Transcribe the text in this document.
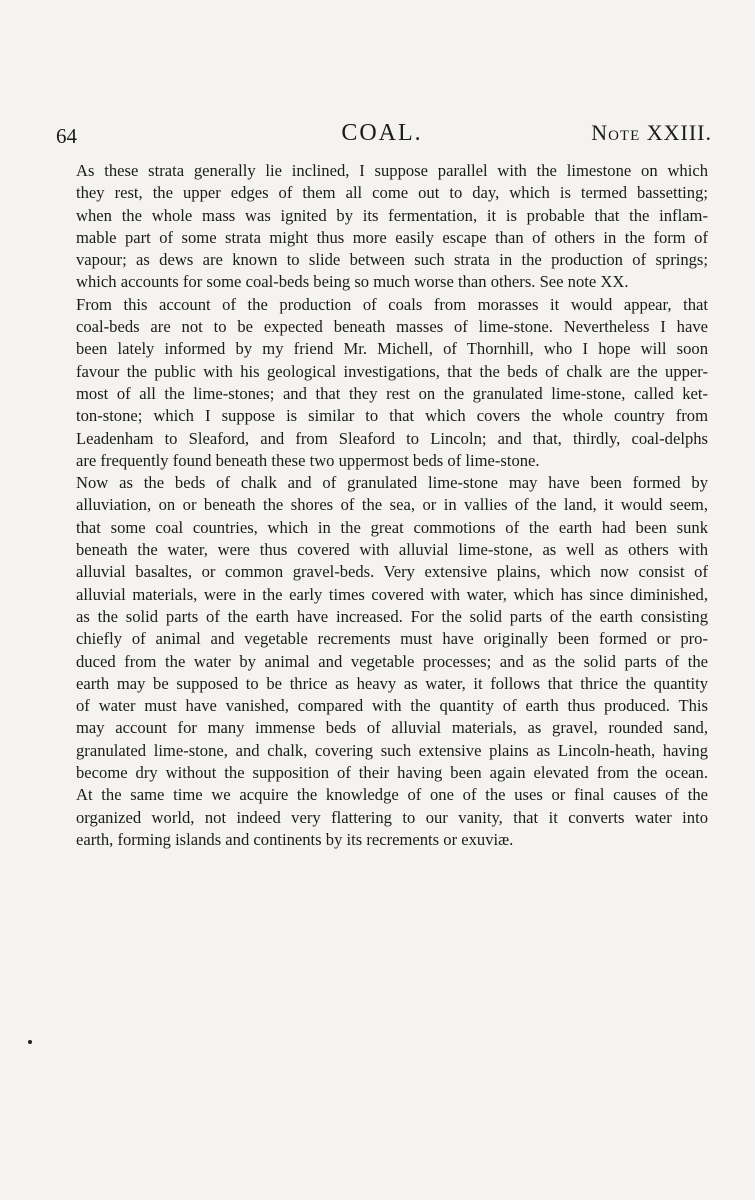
64	COAL.	Note XXIII.

As these strata generally lie inclined, I suppose parallel with the limestone on which
they rest, the upper edges of them all come out to day, which is termed bassetting;
when the whole mass was ignited by its fermentation, it is probable that the inflam-
mable part of some strata might thus more easily escape than of others in the form of
vapour; as dews are known to slide between such strata in the production of springs;
which accounts for some coal-beds being so much worse than others. See note XX.

From this account of the production of coals from morasses it would appear, that
coal-beds are not to be expected beneath masses of lime-stone. Nevertheless I have
been lately informed by my friend Mr. Michell, of Thornhill, who I hope will soon
favour the public with his geological investigations, that the beds of chalk are the upper-
most of all the lime-stones; and that they rest on the granulated lime-stone, called ket-
ton-stone; which I suppose is similar to that which covers the whole country from
Leadenham to Sleaford, and from Sleaford to Lincoln; and that, thirdly, coal-delphs
are frequently found beneath these two uppermost beds of lime-stone.

Now as the beds of chalk and of granulated lime-stone may have been formed by
alluviation, on or beneath the shores of the sea, or in vallies of the land, it would seem,
that some coal countries, which in the great commotions of the earth had been sunk
beneath the water, were thus covered with alluvial lime-stone, as well as others with
alluvial basaltes, or common gravel-beds. Very extensive plains, which now consist of
alluvial materials, were in the early times covered with water, which has since diminished,
as the solid parts of the earth have increased. For the solid parts of the earth consisting
chiefly of animal and vegetable recrements must have originally been formed or pro-
duced from the water by animal and vegetable processes; and as the solid parts of the
earth may be supposed to be thrice as heavy as water, it follows that thrice the quantity
of water must have vanished, compared with the quantity of earth thus produced. This
may account for many immense beds of alluvial materials, as gravel, rounded sand,
granulated lime-stone, and chalk, covering such extensive plains as Lincoln-heath, having
become dry without the supposition of their having been again elevated from the ocean.
At the same time we acquire the knowledge of one of the uses or final causes of the
organized world, not indeed very flattering to our vanity, that it converts water into
earth, forming islands and continents by its recrements or exuviæ.
